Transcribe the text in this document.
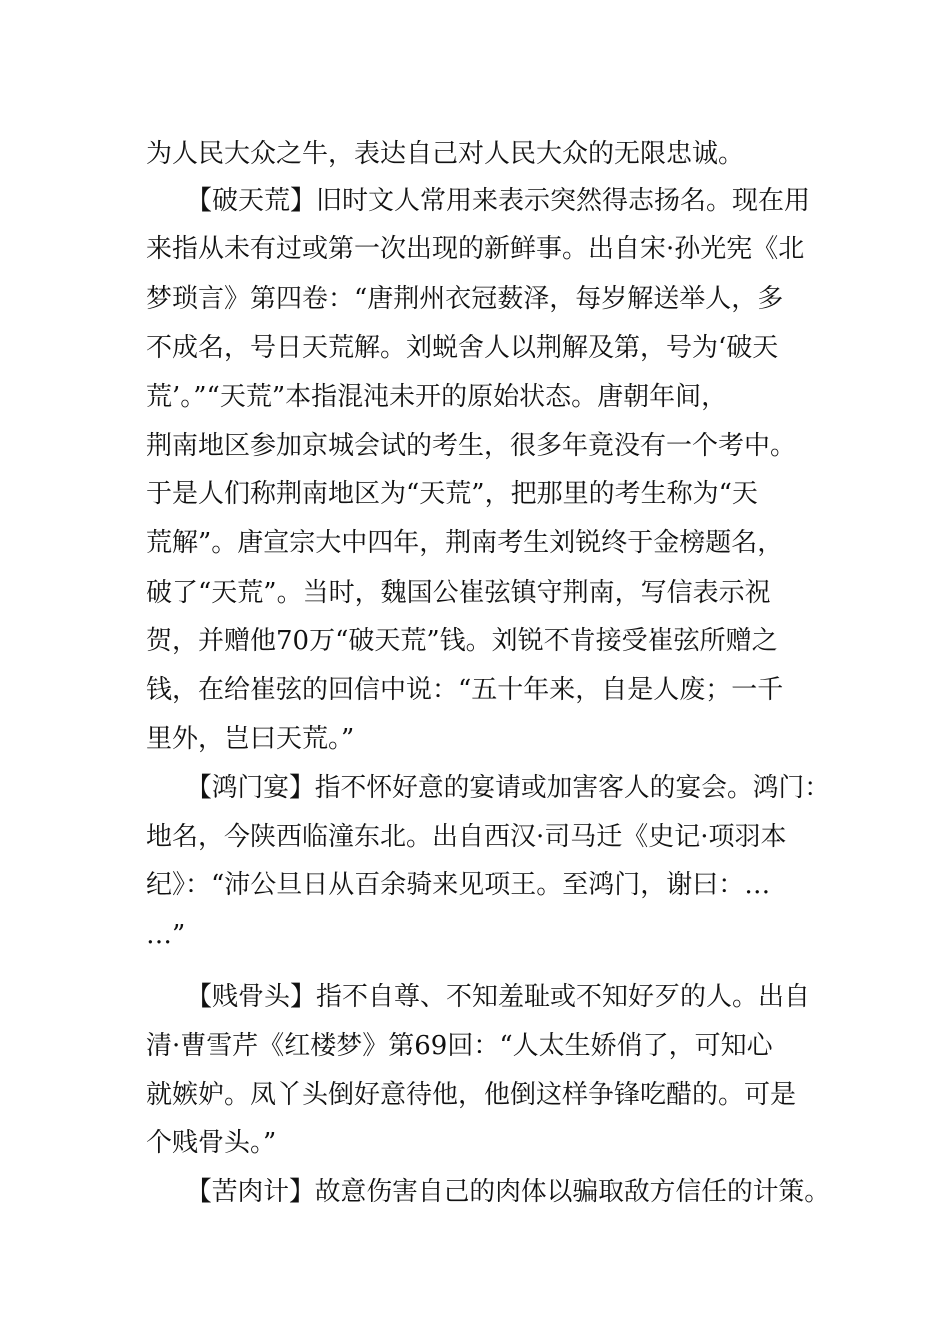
为人民大众之牛，表达自己对人民大众的无限忠诚。
【破天荒】旧时文人常用来表示突然得志扬名。现在用
来指从未有过或第一次出现的新鲜事。出自宋·孙光宪《北
梦琐言》第四卷：“唐荆州衣冠薮泽，每岁解送举人，多
不成名，号日天荒解。刘蜕舍人以荆解及第，号为‘破天
荒’。”“天荒”本指混沌未开的原始状态。唐朝年间，
荆南地区参加京城会试的考生，很多年竟没有一个考中。
于是人们称荆南地区为“天荒”，把那里的考生称为“天
荒解”。唐宣宗大中四年，荆南考生刘锐终于金榜题名，
破了“天荒”。当时，魏国公崔弦镇守荆南，写信表示祝
贺，并赠他70万“破天荒”钱。刘锐不肯接受崔弦所赠之
钱，在给崔弦的回信中说：“五十年来，自是人废；一千
里外，岂曰天荒。”
【鸿门宴】指不怀好意的宴请或加害客人的宴会。鸿门：
地名，今陕西临潼东北。出自西汉·司马迁《史记·项羽本
纪》：“沛公旦日从百余骑来见项王。至鸿门，谢曰：…
…”
【贱骨头】指不自尊、不知羞耻或不知好歹的人。出自
清·曹雪芹《红楼梦》第69回：“人太生娇俏了，可知心
就嫉妒。凤丫头倒好意待他，他倒这样争锋吃醋的。可是
个贱骨头。”
【苦肉计】故意伤害自己的肉体以骗取敌方信任的计策。
